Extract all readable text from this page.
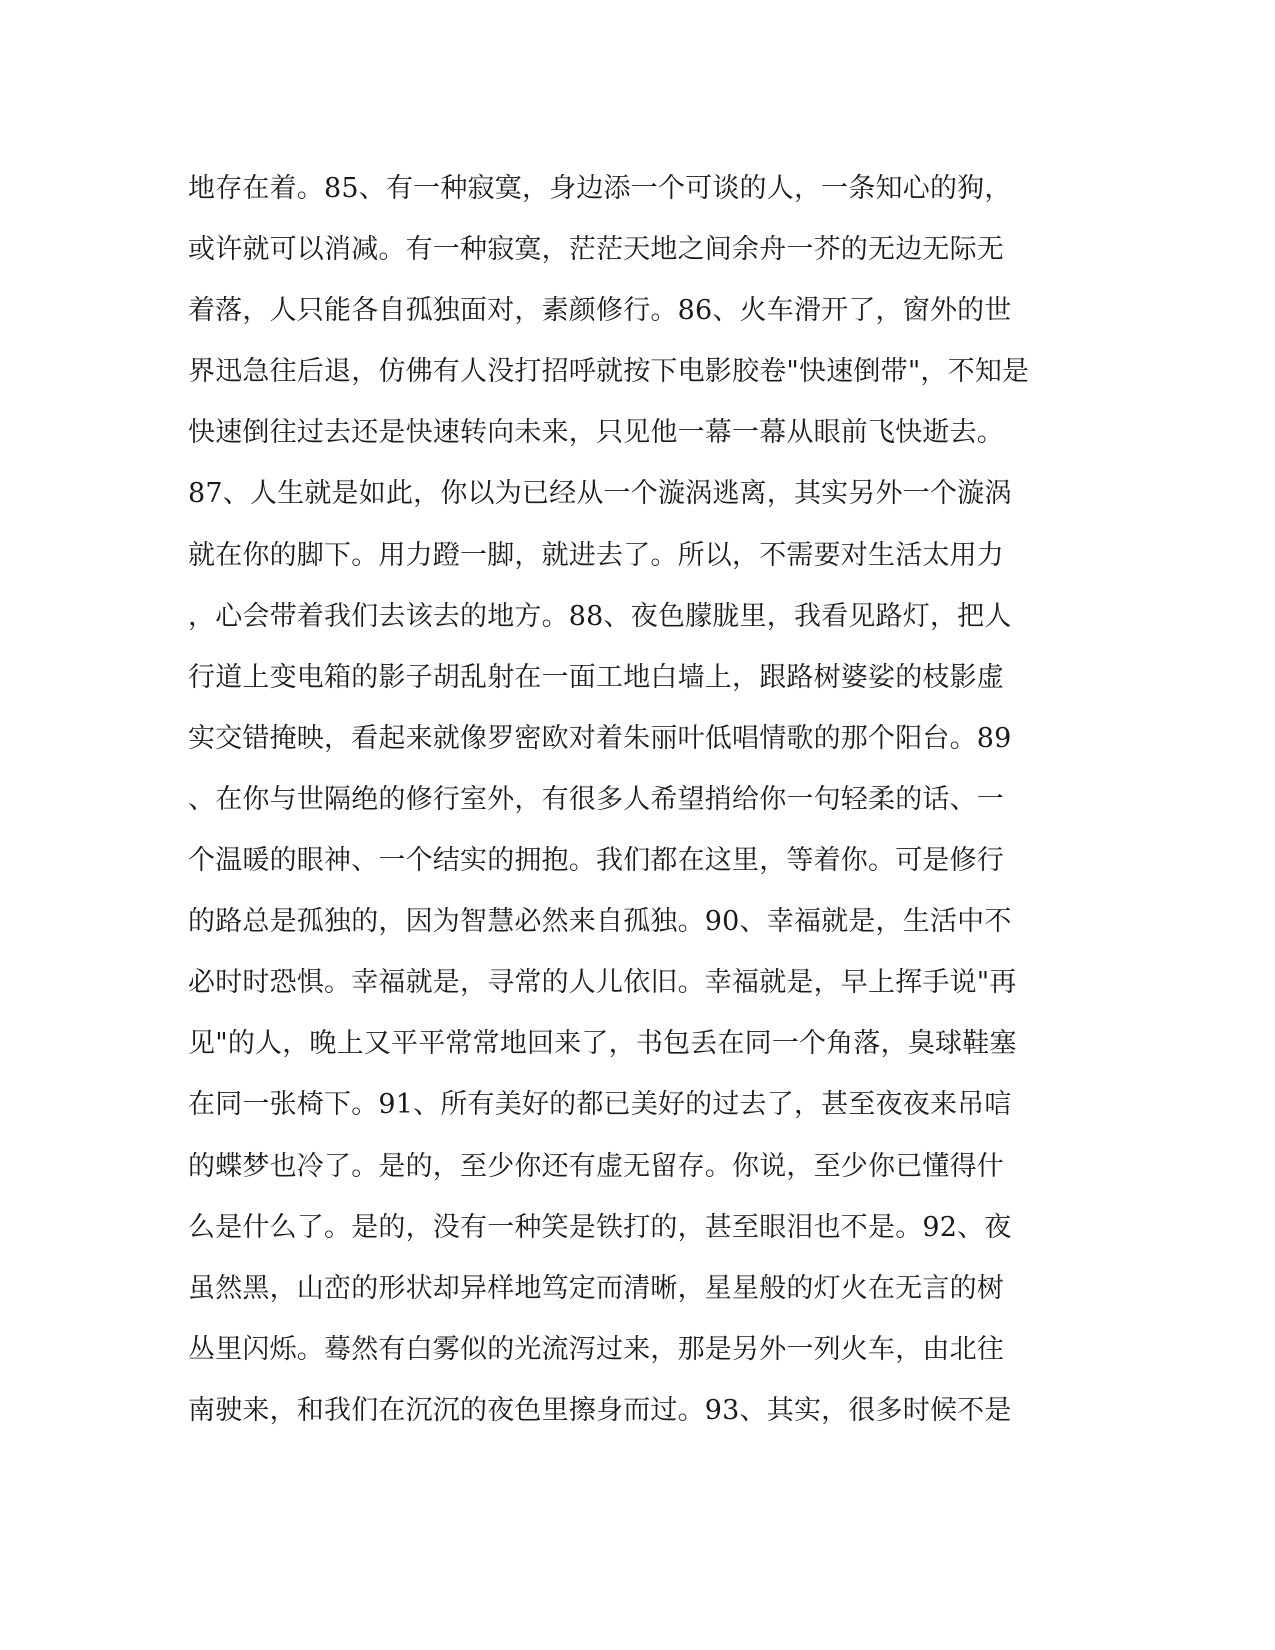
地存在着。85、有一种寂寞，身边添一个可谈的人，一条知心的狗，
或许就可以消减。有一种寂寞，茫茫天地之间余舟一芥的无边无际无
着落，人只能各自孤独面对，素颜修行。86、火车滑开了，窗外的世
界迅急往后退，仿佛有人没打招呼就按下电影胶卷"快速倒带"，不知是
快速倒往过去还是快速转向未来，只见他一幕一幕从眼前飞快逝去。
87、人生就是如此，你以为已经从一个漩涡逃离，其实另外一个漩涡
就在你的脚下。用力蹬一脚，就进去了。所以，不需要对生活太用力
，心会带着我们去该去的地方。88、夜色朦胧里，我看见路灯，把人
行道上变电箱的影子胡乱射在一面工地白墙上，跟路树婆娑的枝影虚
实交错掩映，看起来就像罗密欧对着朱丽叶低唱情歌的那个阳台。89
、在你与世隔绝的修行室外，有很多人希望捎给你一句轻柔的话、一
个温暖的眼神、一个结实的拥抱。我们都在这里，等着你。可是修行
的路总是孤独的，因为智慧必然来自孤独。90、幸福就是，生活中不
必时时恐惧。幸福就是，寻常的人儿依旧。幸福就是，早上挥手说"再
见"的人，晚上又平平常常地回来了，书包丢在同一个角落，臭球鞋塞
在同一张椅下。91、所有美好的都已美好的过去了，甚至夜夜来吊唁
的蝶梦也冷了。是的，至少你还有虚无留存。你说，至少你已懂得什
么是什么了。是的，没有一种笑是铁打的，甚至眼泪也不是。92、夜
虽然黑，山峦的形状却异样地笃定而清晰，星星般的灯火在无言的树
丛里闪烁。蓦然有白雾似的光流泻过来，那是另外一列火车，由北往
南驶来，和我们在沉沉的夜色里擦身而过。93、其实，很多时候不是
